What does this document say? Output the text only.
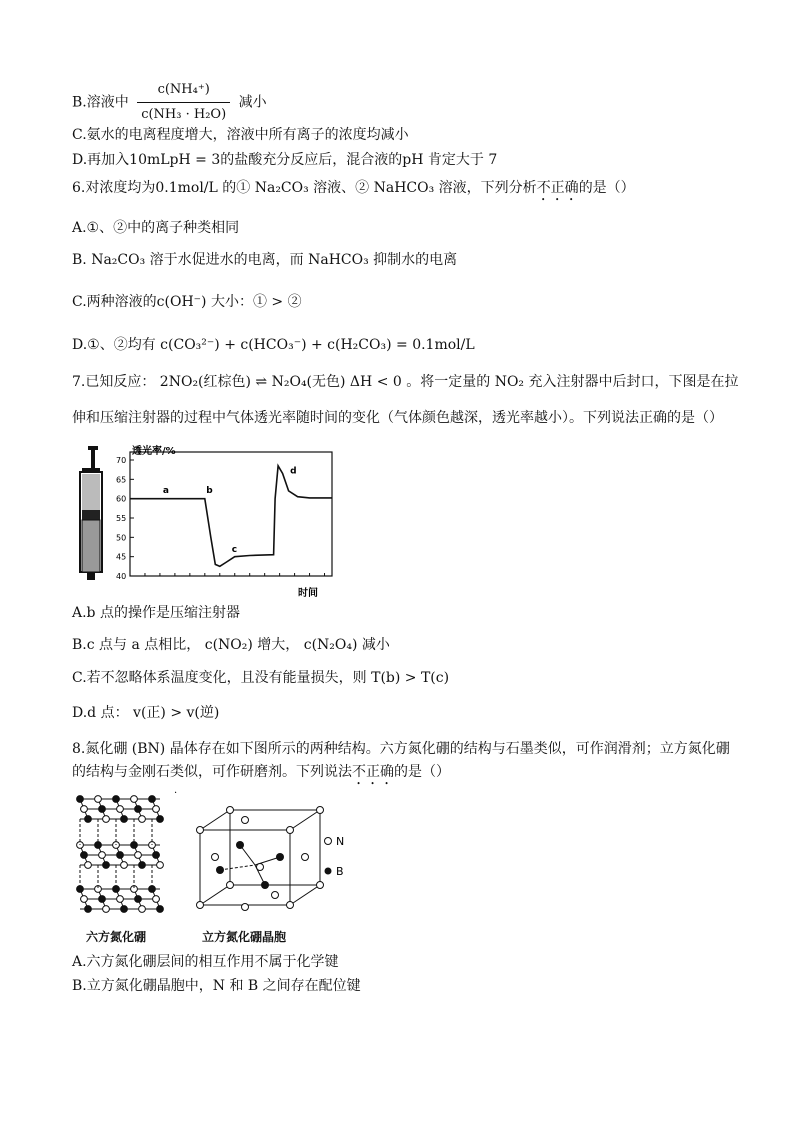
B.溶液中 $\frac{\text{c(NH₄⁺)}}{\text{c(NH₃ · H₂O)}}$ 减小
C.氨水的电离程度增大，溶液中所有离子的浓度均减小
D.再加入10mLpH = 3的盐酸充分反应后，混合液的pH 肯定大于 7
6.对浓度均为0.1mol/L 的① Na₂CO₃ 溶液、② NaHCO₃ 溶液，下列分析不正确的是（）
A.①、②中的离子种类相同
B. Na₂CO₃ 溶于水促进水的电离，而 NaHCO₃ 抑制水的电离
C.两种溶液的c(OH⁻) 大小：① > ②
D.①、②均有 c(CO₃²⁻) + c(HCO₃⁻) + c(H₂CO₃) = 0.1mol/L
7.已知反应： 2NO₂(红棕色) ⇌ N₂O₄(无色) ΔH < 0 。将一定量的 NO₂ 充入注射器中后封口，下图是在拉
伸和压缩注射器的过程中气体透光率随时间的变化（气体颜色越深，透光率越小）。下列说法正确的是（）
70
65
60
55
50
45
40
a	b
c
d
透光率/%
时间
A.b 点的操作是压缩注射器
B.c 点与 a 点相比， c(NO₂) 增大， c(N₂O₄) 减小
C.若不忽略体系温度变化，且没有能量损失，则 T(b) > T(c)
D.d 点： v(正) > v(逆)
8.氮化硼 (BN) 晶体存在如下图所示的两种结构。六方氮化硼的结构与石墨类似，可作润滑剂；立方氮化硼
的结构与金刚石类似，可作研磨剂。下列说法不正确的是（）
N
B
.
六方氮化硼	立方氮化硼晶胞
A.六方氮化硼层间的相互作用不属于化学键
B.立方氮化硼晶胞中，N 和 B 之间存在配位键
